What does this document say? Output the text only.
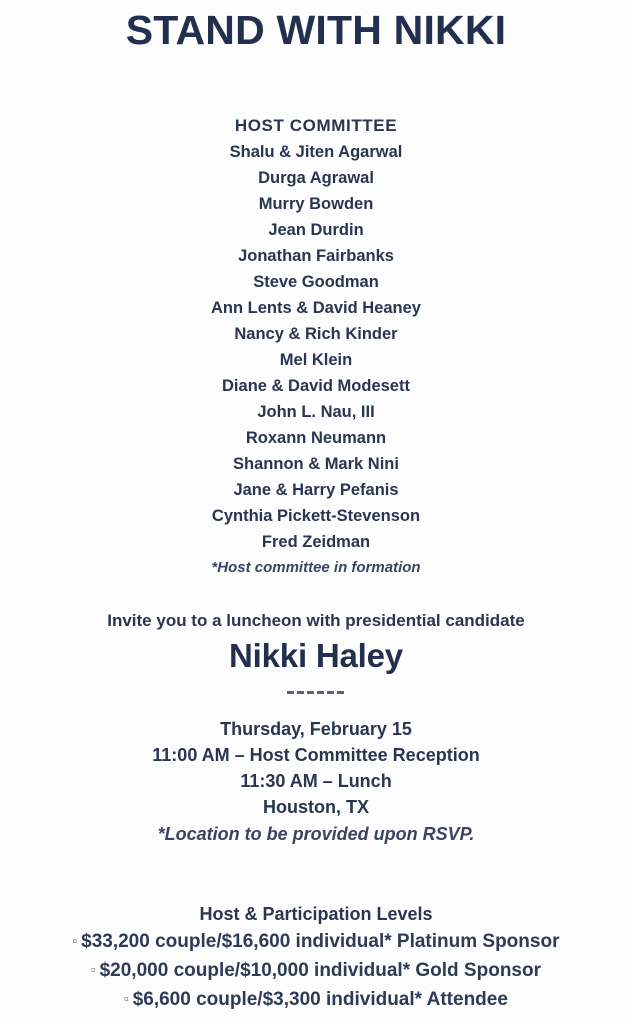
STAND WITH NIKKI
HOST COMMITTEE
Shalu & Jiten Agarwal
Durga Agrawal
Murry Bowden
Jean Durdin
Jonathan Fairbanks
Steve Goodman
Ann Lents & David Heaney
Nancy & Rich Kinder
Mel Klein
Diane & David Modesett
John L. Nau, III
Roxann Neumann
Shannon & Mark Nini
Jane & Harry Pefanis
Cynthia Pickett-Stevenson
Fred Zeidman
*Host committee in formation
Invite you to a luncheon with presidential candidate
Nikki Haley
Thursday, February 15
11:00 AM – Host Committee Reception
11:30 AM – Lunch
Houston, TX
*Location to be provided upon RSVP.
Host & Participation Levels
▫ $33,200 couple/$16,600 individual* Platinum Sponsor
▫ $20,000 couple/$10,000 individual* Gold Sponsor
▫ $6,600 couple/$3,300 individual* Attendee
